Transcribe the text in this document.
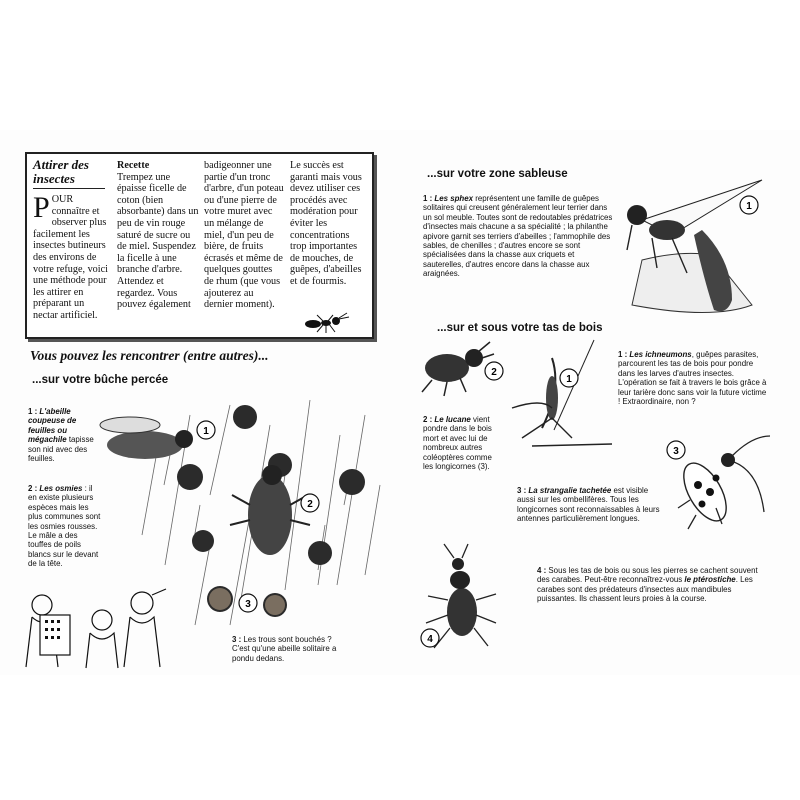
Attirer des insectes
POUR connaître et observer plus facilement les insectes butineurs des environs de votre refuge, voici une méthode pour les attirer en préparant un nectar artificiel.
Recette
Trempez une épaisse ficelle de coton (bien absorbante) dans un peu de vin rouge saturé de sucre ou de miel. Suspendez la ficelle à une branche d'arbre. Attendez et regardez. Vous pouvez également
badigeonner une partie d'un tronc d'arbre, d'un poteau ou d'une pierre de votre muret avec un mélange de miel, d'un peu de bière, de fruits écrasés et même de quelques gouttes de rhum (que vous ajouterez au dernier moment).
Le succès est garanti mais vous devez utiliser ces procédés avec modération pour éviter les concentrations trop importantes de mouches, de guêpes, d'abeilles et de fourmis.
Vous pouvez les rencontrer (entre autres)...
...sur votre bûche percée
1 : L'abeille coupeuse de feuilles ou mégachile tapisse son nid avec des feuilles.
2 : Les osmies : il en existe plusieurs espèces mais les plus communes sont les osmies rousses. Le mâle a des touffes de poils blancs sur le devant de la tête.
3 : Les trous sont bouchés ? C'est qu'une abeille solitaire a pondu dedans.
1
2
3
...sur votre zone sableuse
1 : Les sphex représentent une famille de guêpes solitaires qui creusent généralement leur terrier dans un sol meuble. Toutes sont de redoutables prédatrices d'insectes mais chacune a sa spécialité ; la philanthe apivore garnit ses terriers d'abeilles ; l'ammophile des sables, de chenilles ; d'autres encore se sont spécialisées dans la chasse aux criquets et sauterelles, d'autres encore dans la chasse aux araignées.
1
...sur et sous votre tas de bois
2
1
1 : Les ichneumons, guêpes parasites, parcourent les tas de bois pour pondre dans les larves d'autres insectes. L'opération se fait à travers le bois grâce à leur tarière donc sans voir la future victime ! Extraordinaire, non ?
2 : Le lucane vient pondre dans le bois mort et avec lui de nombreux autres coléoptères comme les longicornes (3).
3 : La strangalie tachetée est visible aussi sur les ombellifères. Tous les longicornes sont reconnaissables à leurs antennes particulièrement longues.
3
4
4 : Sous les tas de bois ou sous les pierres se cachent souvent des carabes. Peut-être reconnaîtrez-vous le ptérostiche. Les carabes sont des prédateurs d'insectes aux mandibules puissantes. Ils chassent leurs proies à la course.
